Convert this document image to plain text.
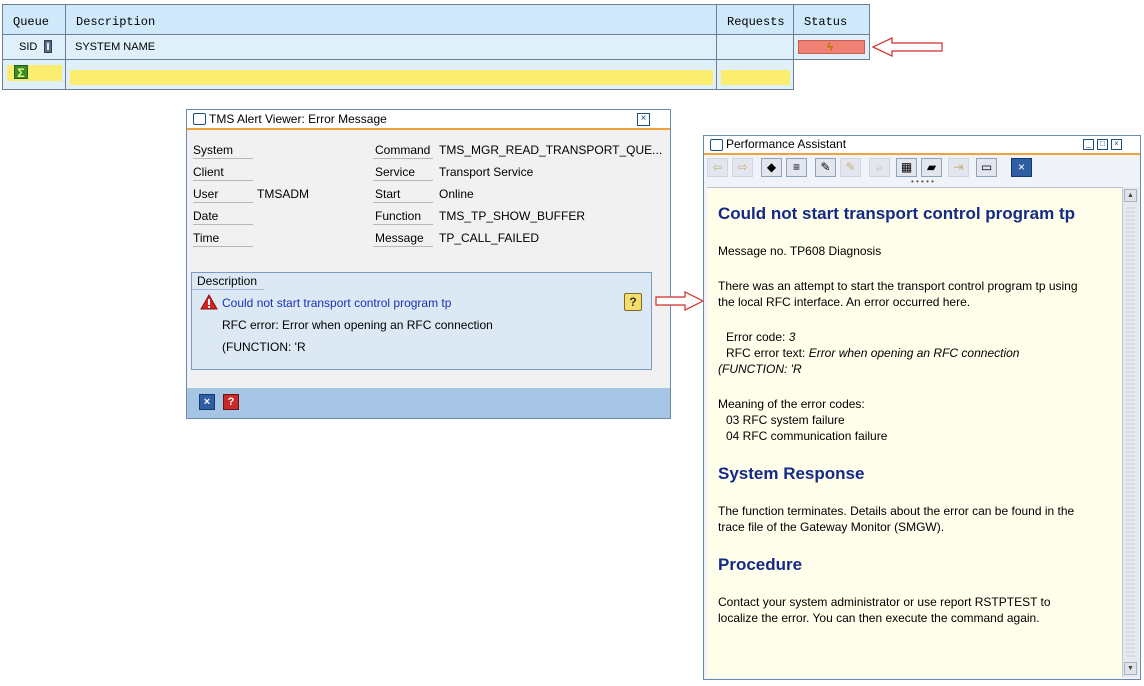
Queue	Description	Requests	Status
SID	SYSTEM NAME	ϟ
Σ
TMS Alert Viewer: Error Message	×
System
Client
User	TMSADM
Date
Time
Command TMS_MGR_READ_TRANSPORT_QUE...
Service Transport Service
Start	Online
Function TMS_TP_SHOW_BUFFER
Message TP_CALL_FAILED
Description
Could not start transport control program tp
RFC error: Error when opening an RFC connection
(FUNCTION: 'R
?
×	?
Performance Assistant	_	□	×
⇦	⇨	◆	≡	✎	✎	⌕	▦	▰	⇥	▭	×
• • • • •
Could not start transport control program tp
Message no. TP608 Diagnosis
There was an attempt to start the transport control program tp using
the local RFC interface. An error occurred here.
Error code: 3
RFC error text: Error when opening an RFC connection
(FUNCTION: 'R
Meaning of the error codes:
03 RFC system failure
04 RFC communication failure
System Response
The function terminates. Details about the error can be found in the
trace file of the Gateway Monitor (SMGW).
Procedure
Contact your system administrator or use report RSTPTEST to
localize the error. You can then execute the command again.
▲
▼
